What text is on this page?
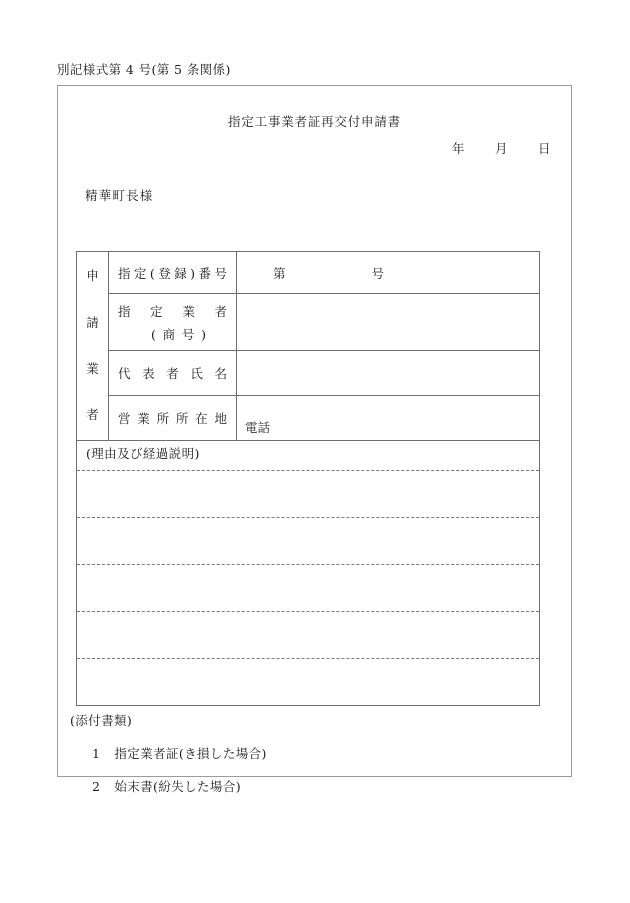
別記様式第 4 号(第 5 条関係)
指定工事業者証再交付申請書
年 月 日
精華町長様
申
請
業
者	指定(登録)番号	第 号

	指定業者
(商号)	

	代表者氏名	

	営業所所在地	電話
(理由及び経過説明)
(添付書類)
1 指定業者証(き損した場合)
2 始末書(紛失した場合)
